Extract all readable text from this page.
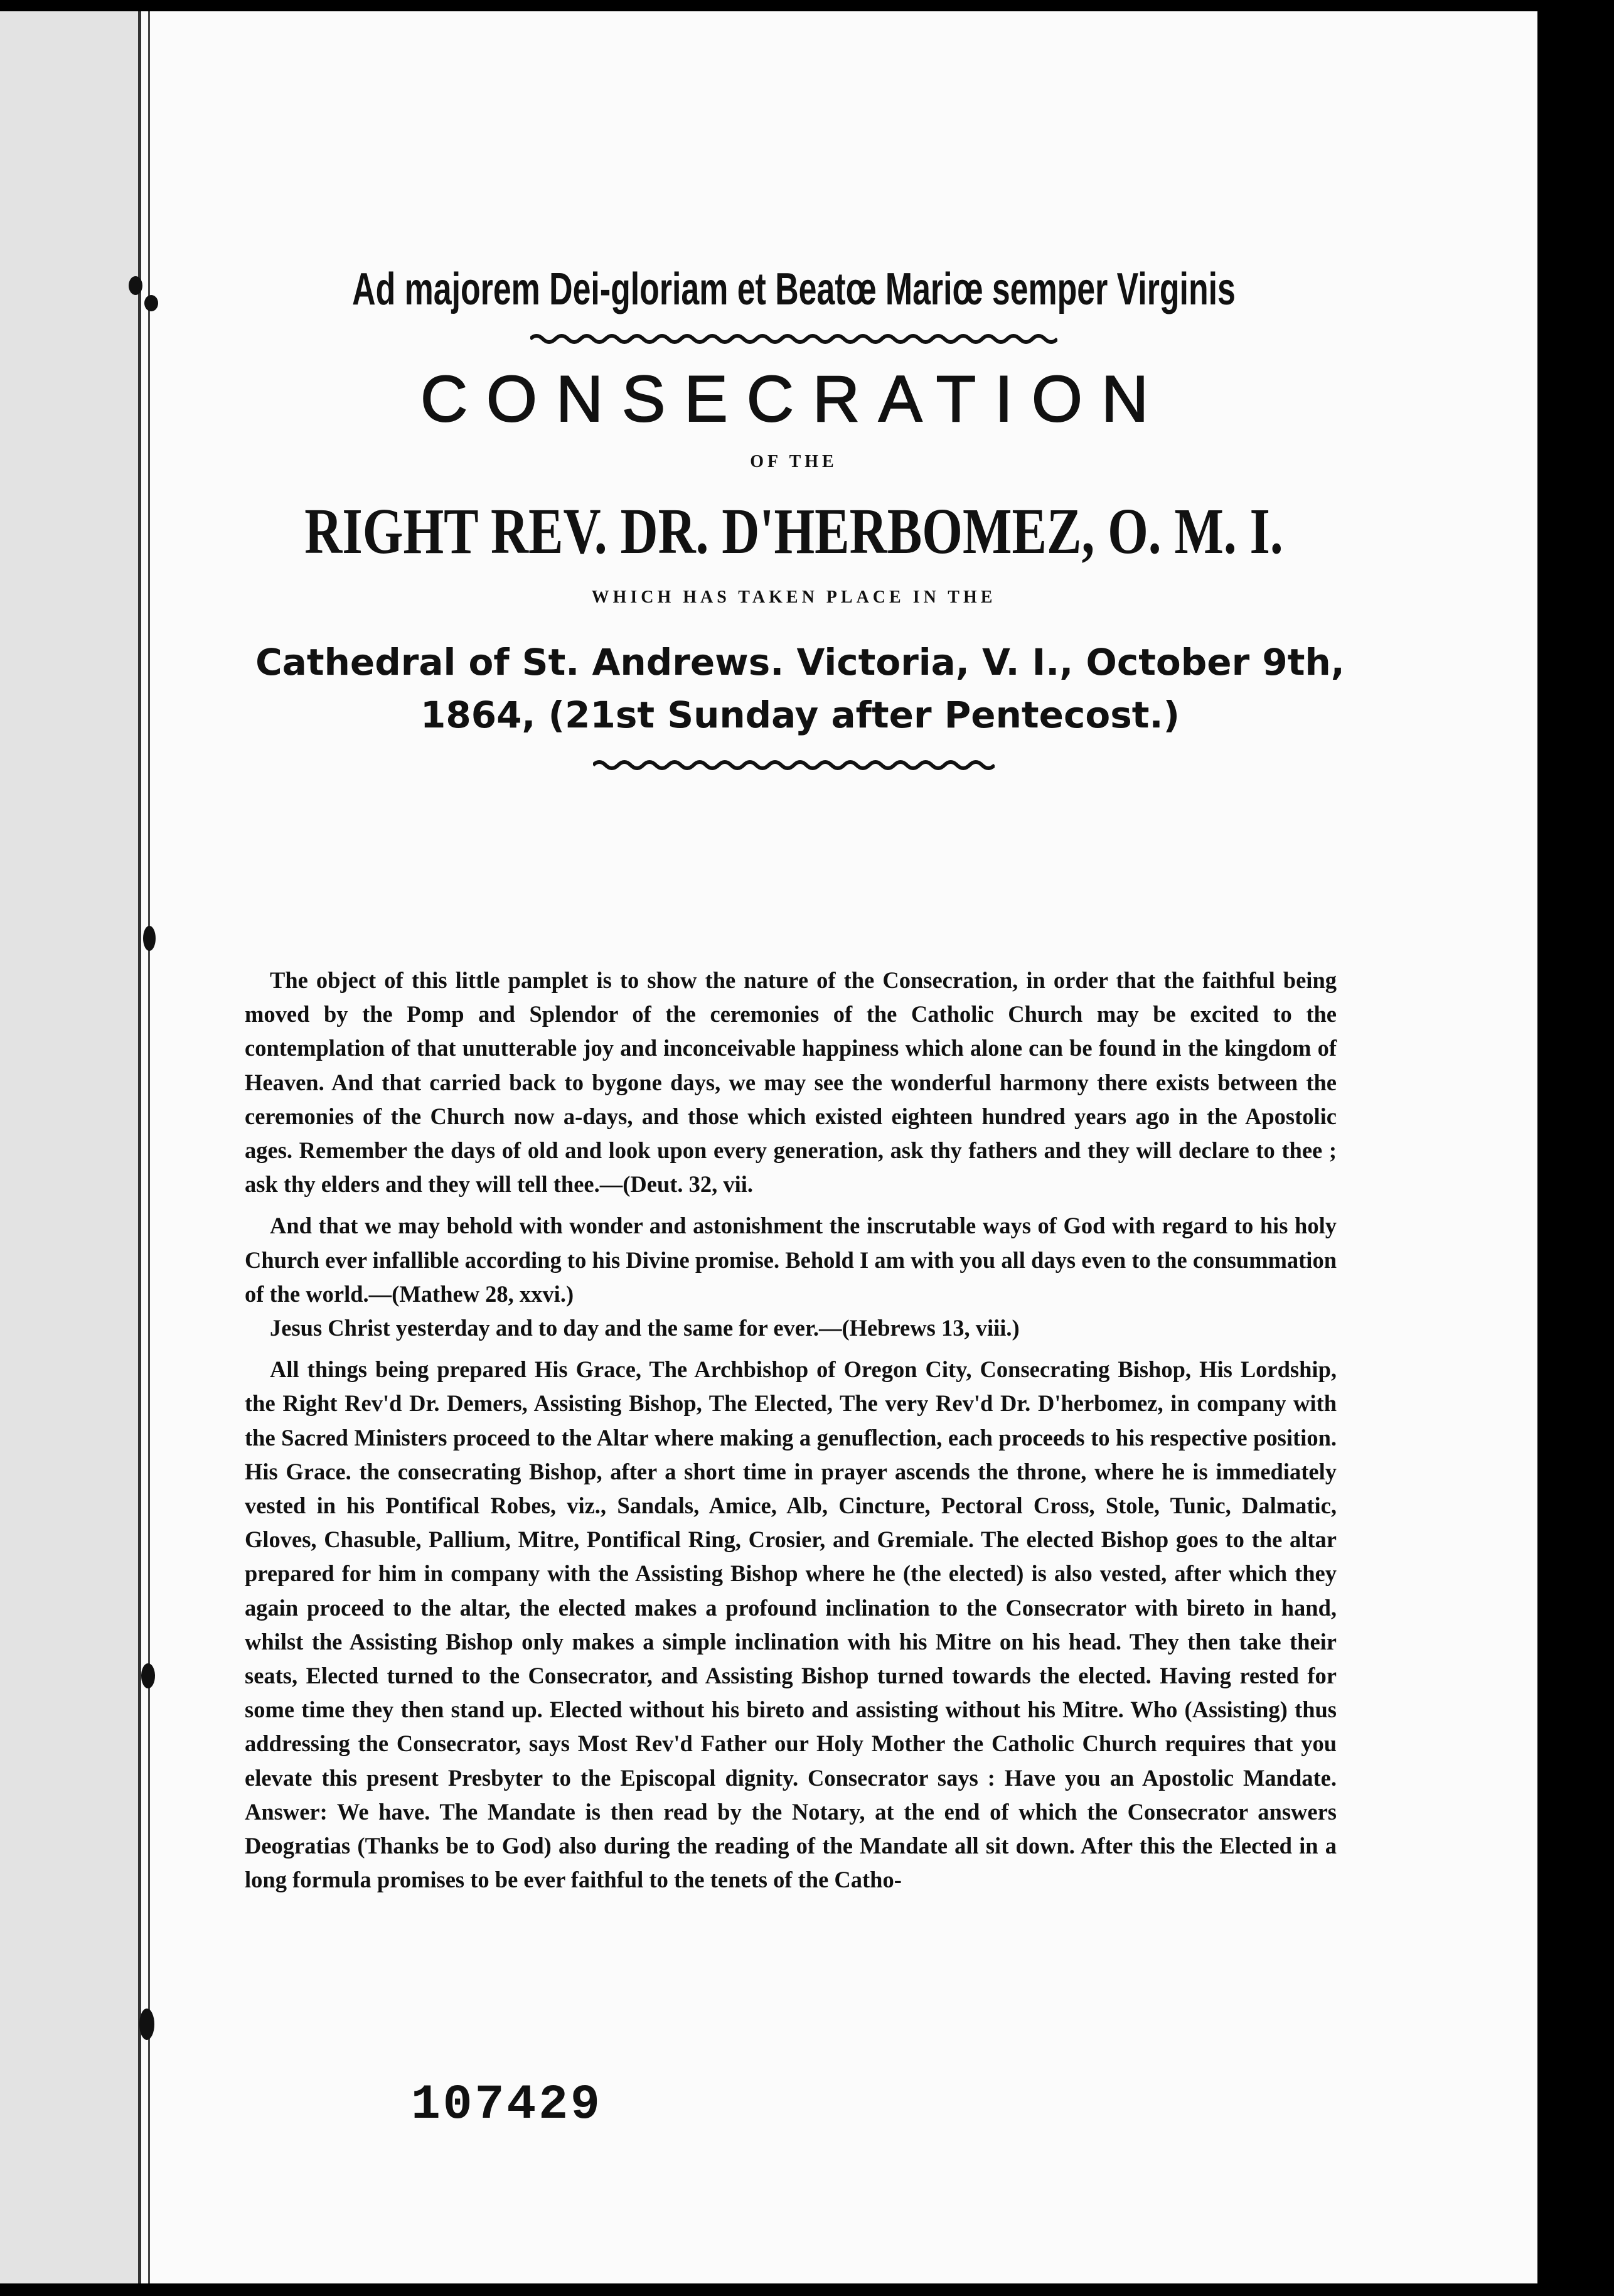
Ad majorem Dei-gloriam et Beatœ Mariœ semper Virginis
CONSECRATION
OF THE
RIGHT REV. DR. D'HERBOMEZ, O. M. I.
WHICH HAS TAKEN PLACE IN THE
Cathedral of St. Andrews. Victoria, V. I., October 9th, 1864, (21st Sunday after Pentecost.)

The object of this little pamplet is to show the nature of the Consecration, in order that the faithful being moved by the Pomp and Splendor of the ceremonies of the Catholic Church may be excited to the contemplation of that unutterable joy and inconceivable happiness which alone can be found in the kingdom of Heaven. And that carried back to bygone days, we may see the wonderful harmony there exists between the ceremonies of the Church now a-days, and those which existed eighteen hundred years ago in the Apostolic ages. Remember the days of old and look upon every generation, ask thy fathers and they will declare to thee ; ask thy elders and they will tell thee.—(Deut. 32, vii.

And that we may behold with wonder and astonishment the inscrutable ways of God with regard to his holy Church ever infallible according to his Divine promise. Behold I am with you all days even to the consummation of the world.—(Mathew 28, xxvi.)

Jesus Christ yesterday and to day and the same for ever.—(Hebrews 13, viii.)

All things being prepared His Grace, The Archbishop of Oregon City, Consecrating Bishop, His Lordship, the Right Rev'd Dr. Demers, Assisting Bishop, The Elected, The very Rev'd Dr. D'herbomez, in company with the Sacred Ministers proceed to the Altar where making a genuflection, each proceeds to his respective position. His Grace. the consecrating Bishop, after a short time in prayer ascends the throne, where he is immediately vested in his Pontifical Robes, viz., Sandals, Amice, Alb, Cincture, Pectoral Cross, Stole, Tunic, Dalmatic, Gloves, Chasuble, Pallium, Mitre, Pontifical Ring, Crosier, and Gremiale. The elected Bishop goes to the altar prepared for him in company with the Assisting Bishop where he (the elected) is also vested, after which they again proceed to the altar, the elected makes a profound inclination to the Consecrator with bireto in hand, whilst the Assisting Bishop only makes a simple inclination with his Mitre on his head. They then take their seats, Elected turned to the Consecrator, and Assisting Bishop turned towards the elected. Having rested for some time they then stand up. Elected without his bireto and assisting without his Mitre. Who (Assisting) thus addressing the Consecrator, says Most Rev'd Father our Holy Mother the Catholic Church requires that you elevate this present Presbyter to the Episcopal dignity. Consecrator says : Have you an Apostolic Mandate. Answer: We have. The Mandate is then read by the Notary, at the end of which the Consecrator answers Deogratias (Thanks be to God) also during the reading of the Mandate all sit down. After this the Elected in a long formula promises to be ever faithful to the tenets of the Catho-

107429
